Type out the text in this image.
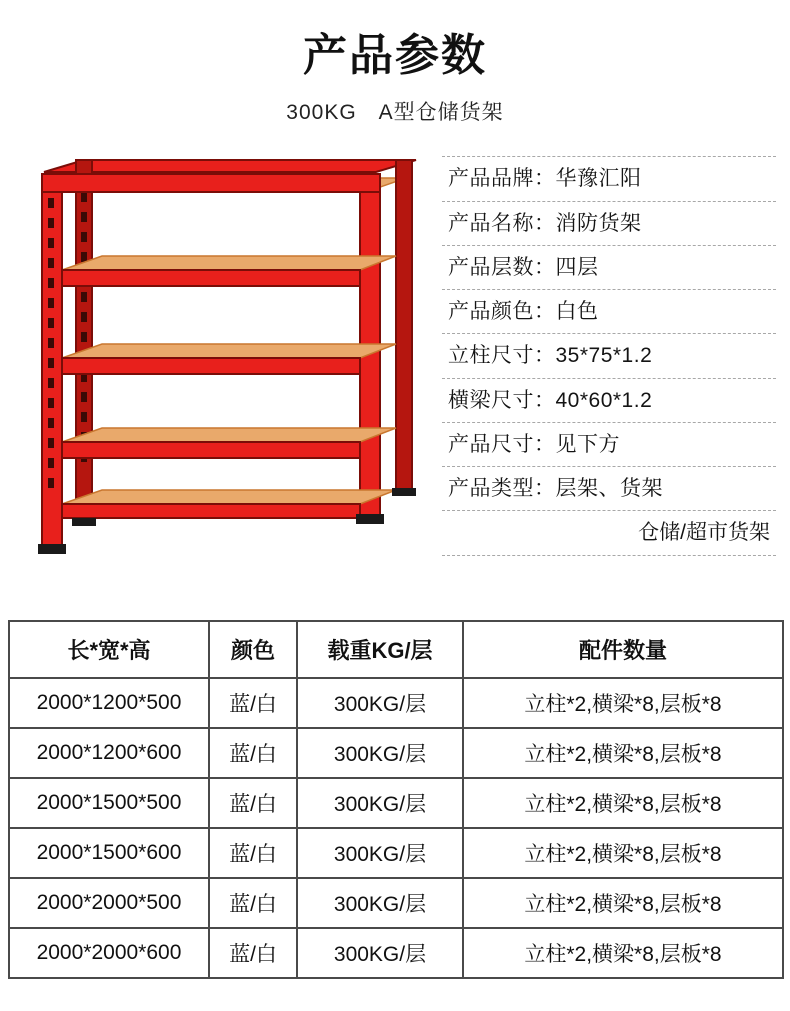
产品参数
300KG　A型仓储货架
产品品牌：华豫汇阳
产品名称：消防货架
产品层数：四层
产品颜色：白色
立柱尺寸：35*75*1.2
横梁尺寸：40*60*1.2
产品尺寸：见下方
产品类型：层架、货架
仓储/超市货架
长*宽*高	颜色	载重KG/层	配件数量
2000*1200*500	蓝/白	300KG/层	立柱*2,横梁*8,层板*8
2000*1200*600	蓝/白	300KG/层	立柱*2,横梁*8,层板*8
2000*1500*500	蓝/白	300KG/层	立柱*2,横梁*8,层板*8
2000*1500*600	蓝/白	300KG/层	立柱*2,横梁*8,层板*8
2000*2000*500	蓝/白	300KG/层	立柱*2,横梁*8,层板*8
2000*2000*600	蓝/白	300KG/层	立柱*2,横梁*8,层板*8
